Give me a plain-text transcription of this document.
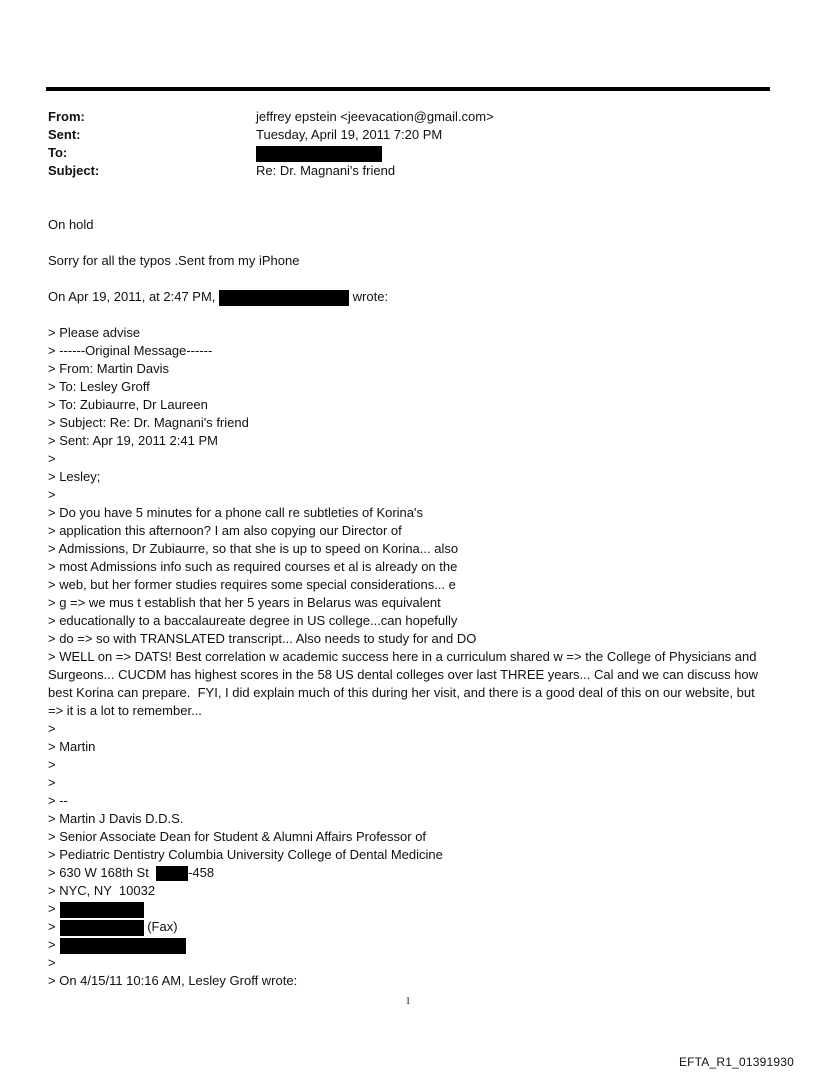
From:	jeffrey epstein <jeevacation@gmail.com>
Sent:	Tuesday, April 19, 2011 7:20 PM
To:
Subject:	Re: Dr. Magnani's friend
On hold
Sorry for all the typos .Sent from my iPhone
On Apr 19, 2011, at 2:47 PM,	wrote:
> Please advise
> ------Original Message------
> From: Martin Davis
> To: Lesley Groff
> To: Zubiaurre, Dr Laureen
> Subject: Re: Dr. Magnani's friend
> Sent: Apr 19, 2011 2:41 PM
>
> Lesley;
>
> Do you have 5 minutes for a phone call re subtleties of Korina's
> application this afternoon? I am also copying our Director of
> Admissions, Dr Zubiaurre, so that she is up to speed on Korina... also
> most Admissions info such as required courses et al is already on the
> web, but her former studies requires some special considerations... e
> g => we mus t establish that her 5 years in Belarus was equivalent
> educationally to a baccalaureate degree in US college...can hopefully
> do => so with TRANSLATED transcript... Also needs to study for and DO
> WELL on => DATS! Best correlation w academic success here in a curriculum shared w => the College of Physicians and Surgeons... CUCDM has highest scores in the 58 US dental colleges over last THREE years... Cal and we can discuss how best Korina can prepare.  FYI, I did explain much of this during her visit, and there is a good deal of this on our website, but => it is a lot to remember...
>
> Martin
>
>
> --
> Martin J Davis D.D.S.
> Senior Associate Dean for Student & Alumni Affairs Professor of
> Pediatric Dentistry Columbia University College of Dental Medicine
> 630 W 168th St	-458
> NYC, NY  10032
>
>	(Fax)
>
>
> On 4/15/11 10:16 AM, Lesley Groff wrote:
1
EFTA_R1_01391930
